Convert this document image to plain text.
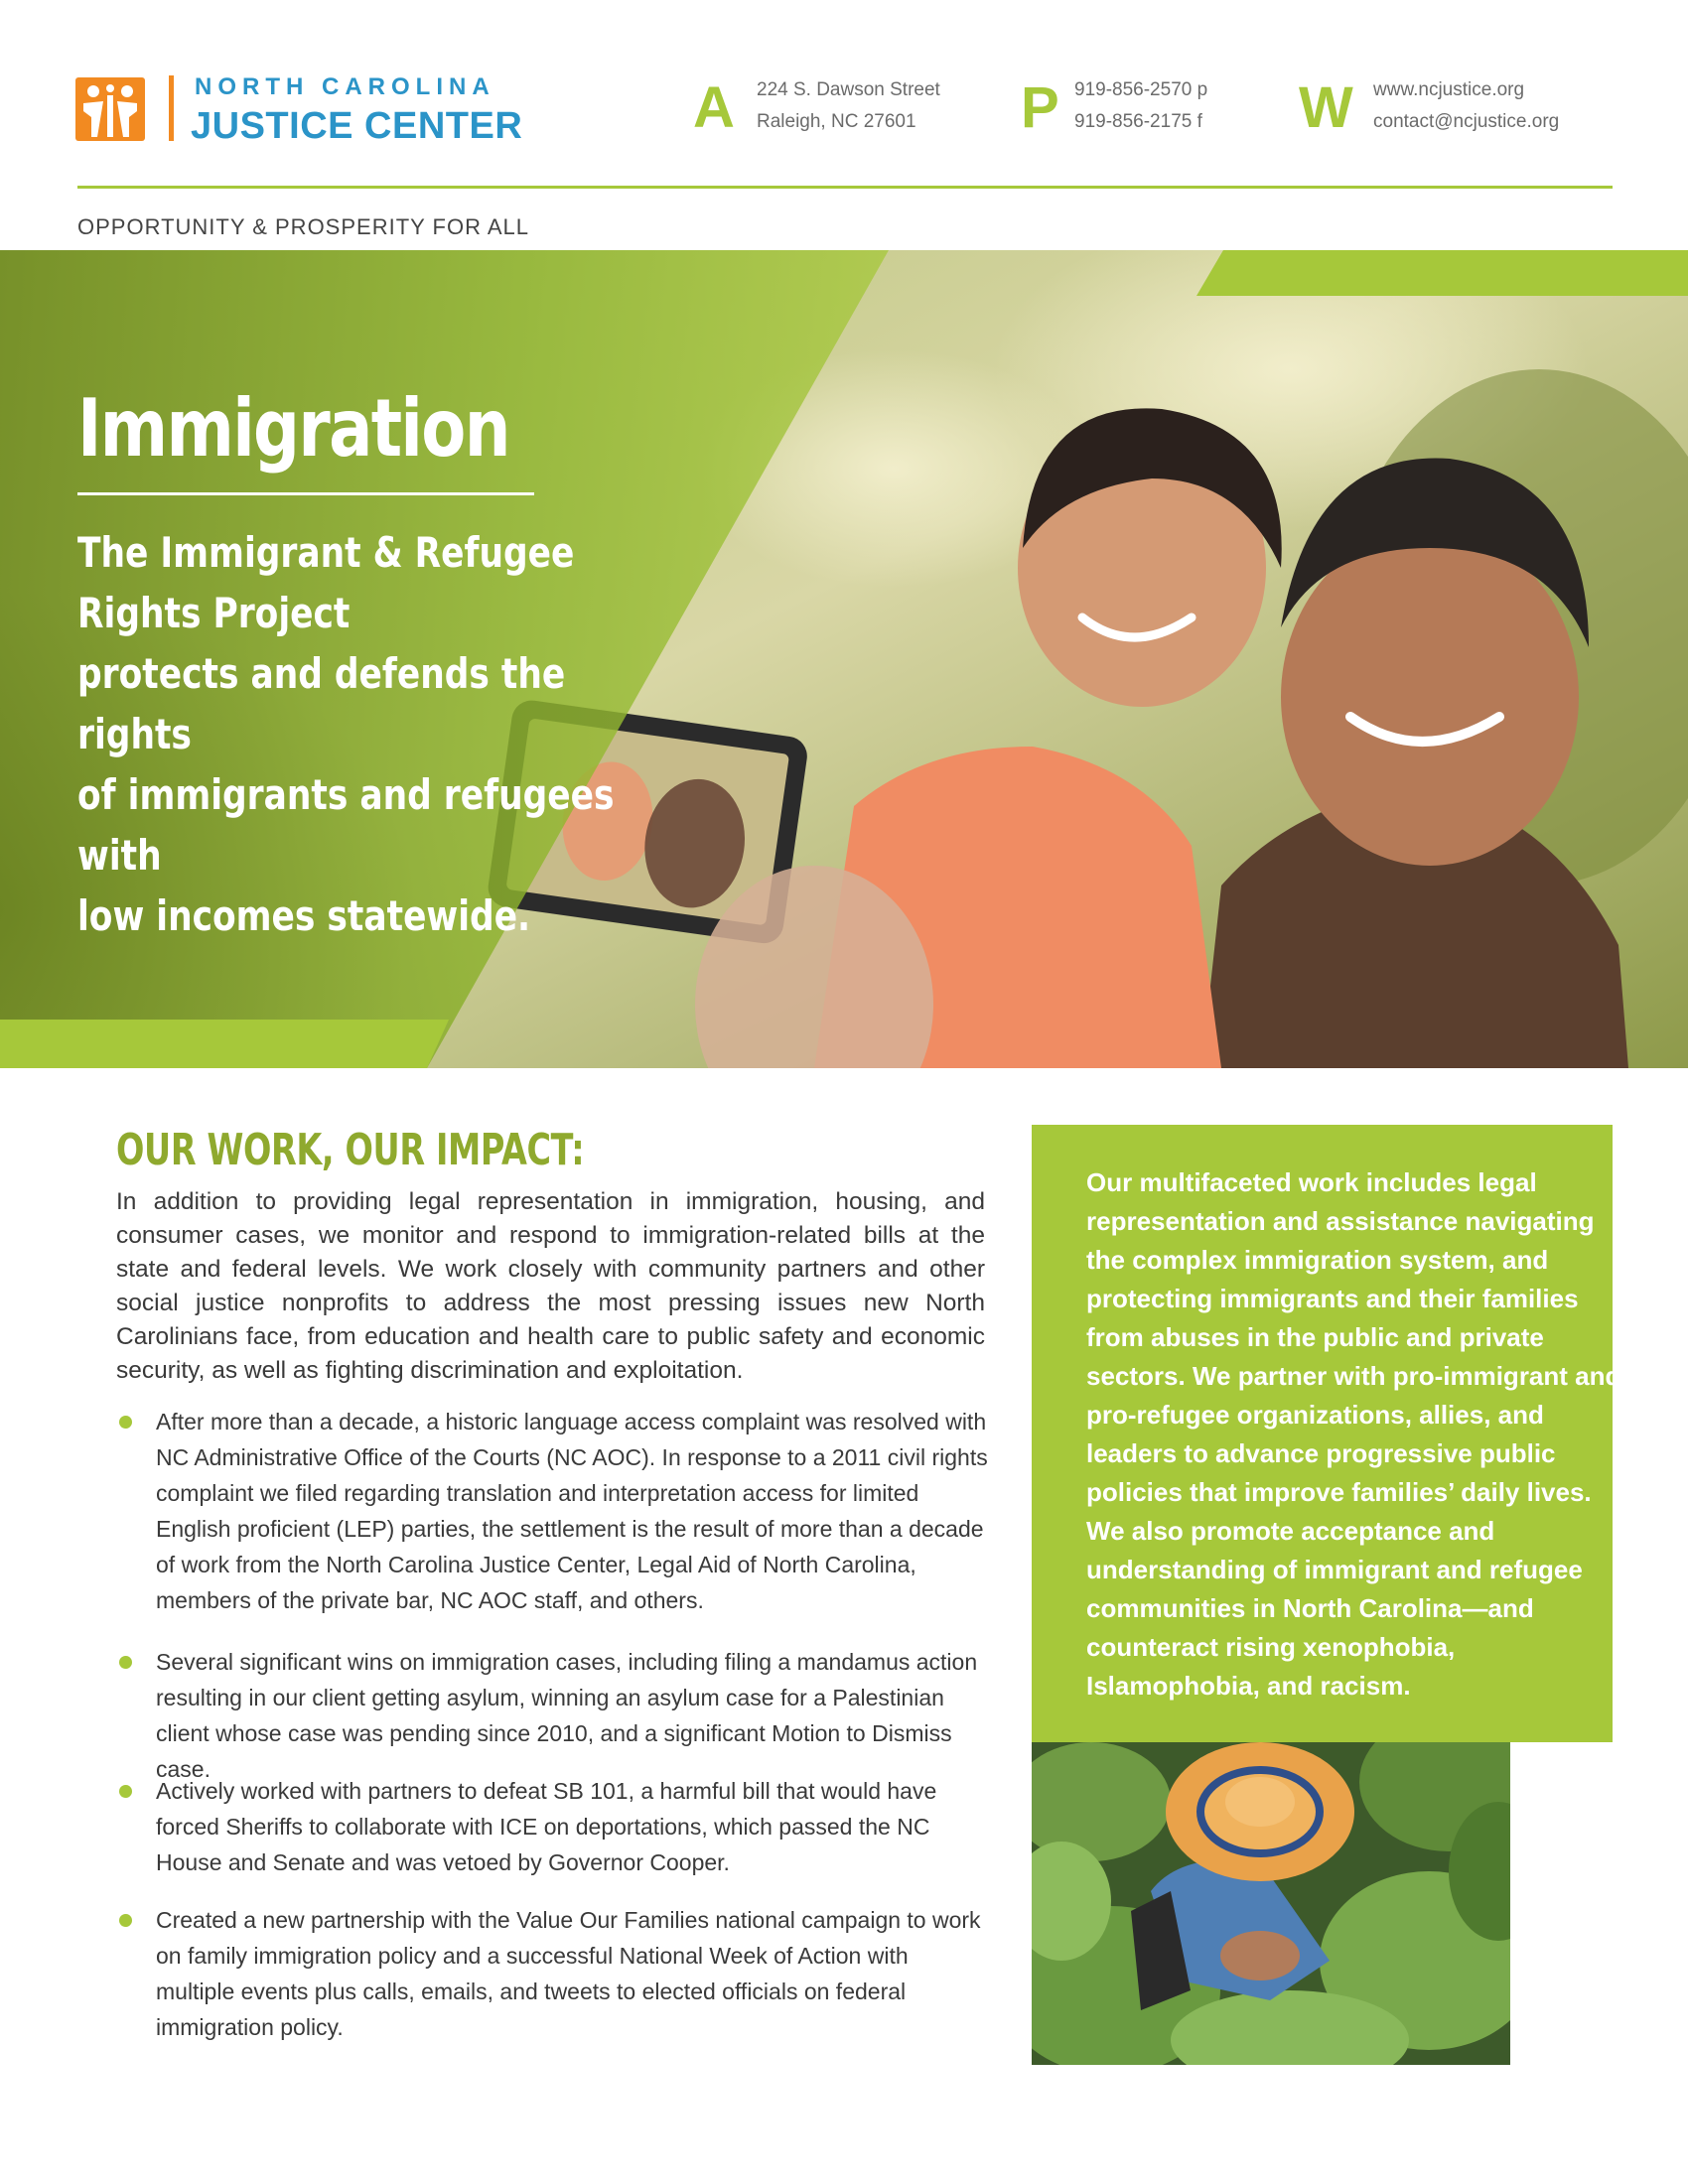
NORTH CAROLINA
JUSTICE CENTER	A 224 S. Dawson Street
Raleigh, NC 27601	P 919-856-2570 p
919-856-2175 f W www.ncjustice.org
contact@ncjustice.org
OPPORTUNITY & PROSPERITY FOR ALL
Immigration
The Immigrant & Refugee Rights Project
protects and defends the rights
of immigrants and refugees with
low incomes statewide.
OUR WORK, OUR IMPACT:
In addition to providing legal representation in immigration, housing, and consumer cases, we monitor and respond to immigration-related bills at the state and federal levels. We work closely with community partners and other social justice nonprofits to address the most pressing issues new North Carolinians face, from education and health care to public safety and economic security, as well as fighting discrimination and exploitation.
After more than a decade, a historic language access complaint was resolved with NC Administrative Office of the Courts (NC AOC). In response to a 2011 civil rights complaint we filed regarding translation and interpretation access for limited English proficient (LEP) parties, the settlement is the result of more than a decade of work from the North Carolina Justice Center, Legal Aid of North Carolina, members of the private bar, NC AOC staff, and others.
Several significant wins on immigration cases, including filing a mandamus action resulting in our client getting asylum, winning an asylum case for a Palestinian client whose case was pending since 2010, and a significant Motion to Dismiss case.
Actively worked with partners to defeat SB 101, a harmful bill that would have forced Sheriffs to collaborate with ICE on deportations, which passed the NC House and Senate and was vetoed by Governor Cooper.
Created a new partnership with the Value Our Families national campaign to work on family immigration policy and a successful National Week of Action with multiple events plus calls, emails, and tweets to elected officials on federal immigration policy.
Our multifaceted work includes legal representation and assistance navigating the complex immigration system, and protecting immigrants and their families from abuses in the public and private sectors. We partner with pro-immigrant and pro-refugee organizations, allies, and leaders to advance progressive public policies that improve families’ daily lives. We also promote acceptance and understanding of immigrant and refugee communities in North Carolina—and counteract rising xenophobia, Islamophobia, and racism.
